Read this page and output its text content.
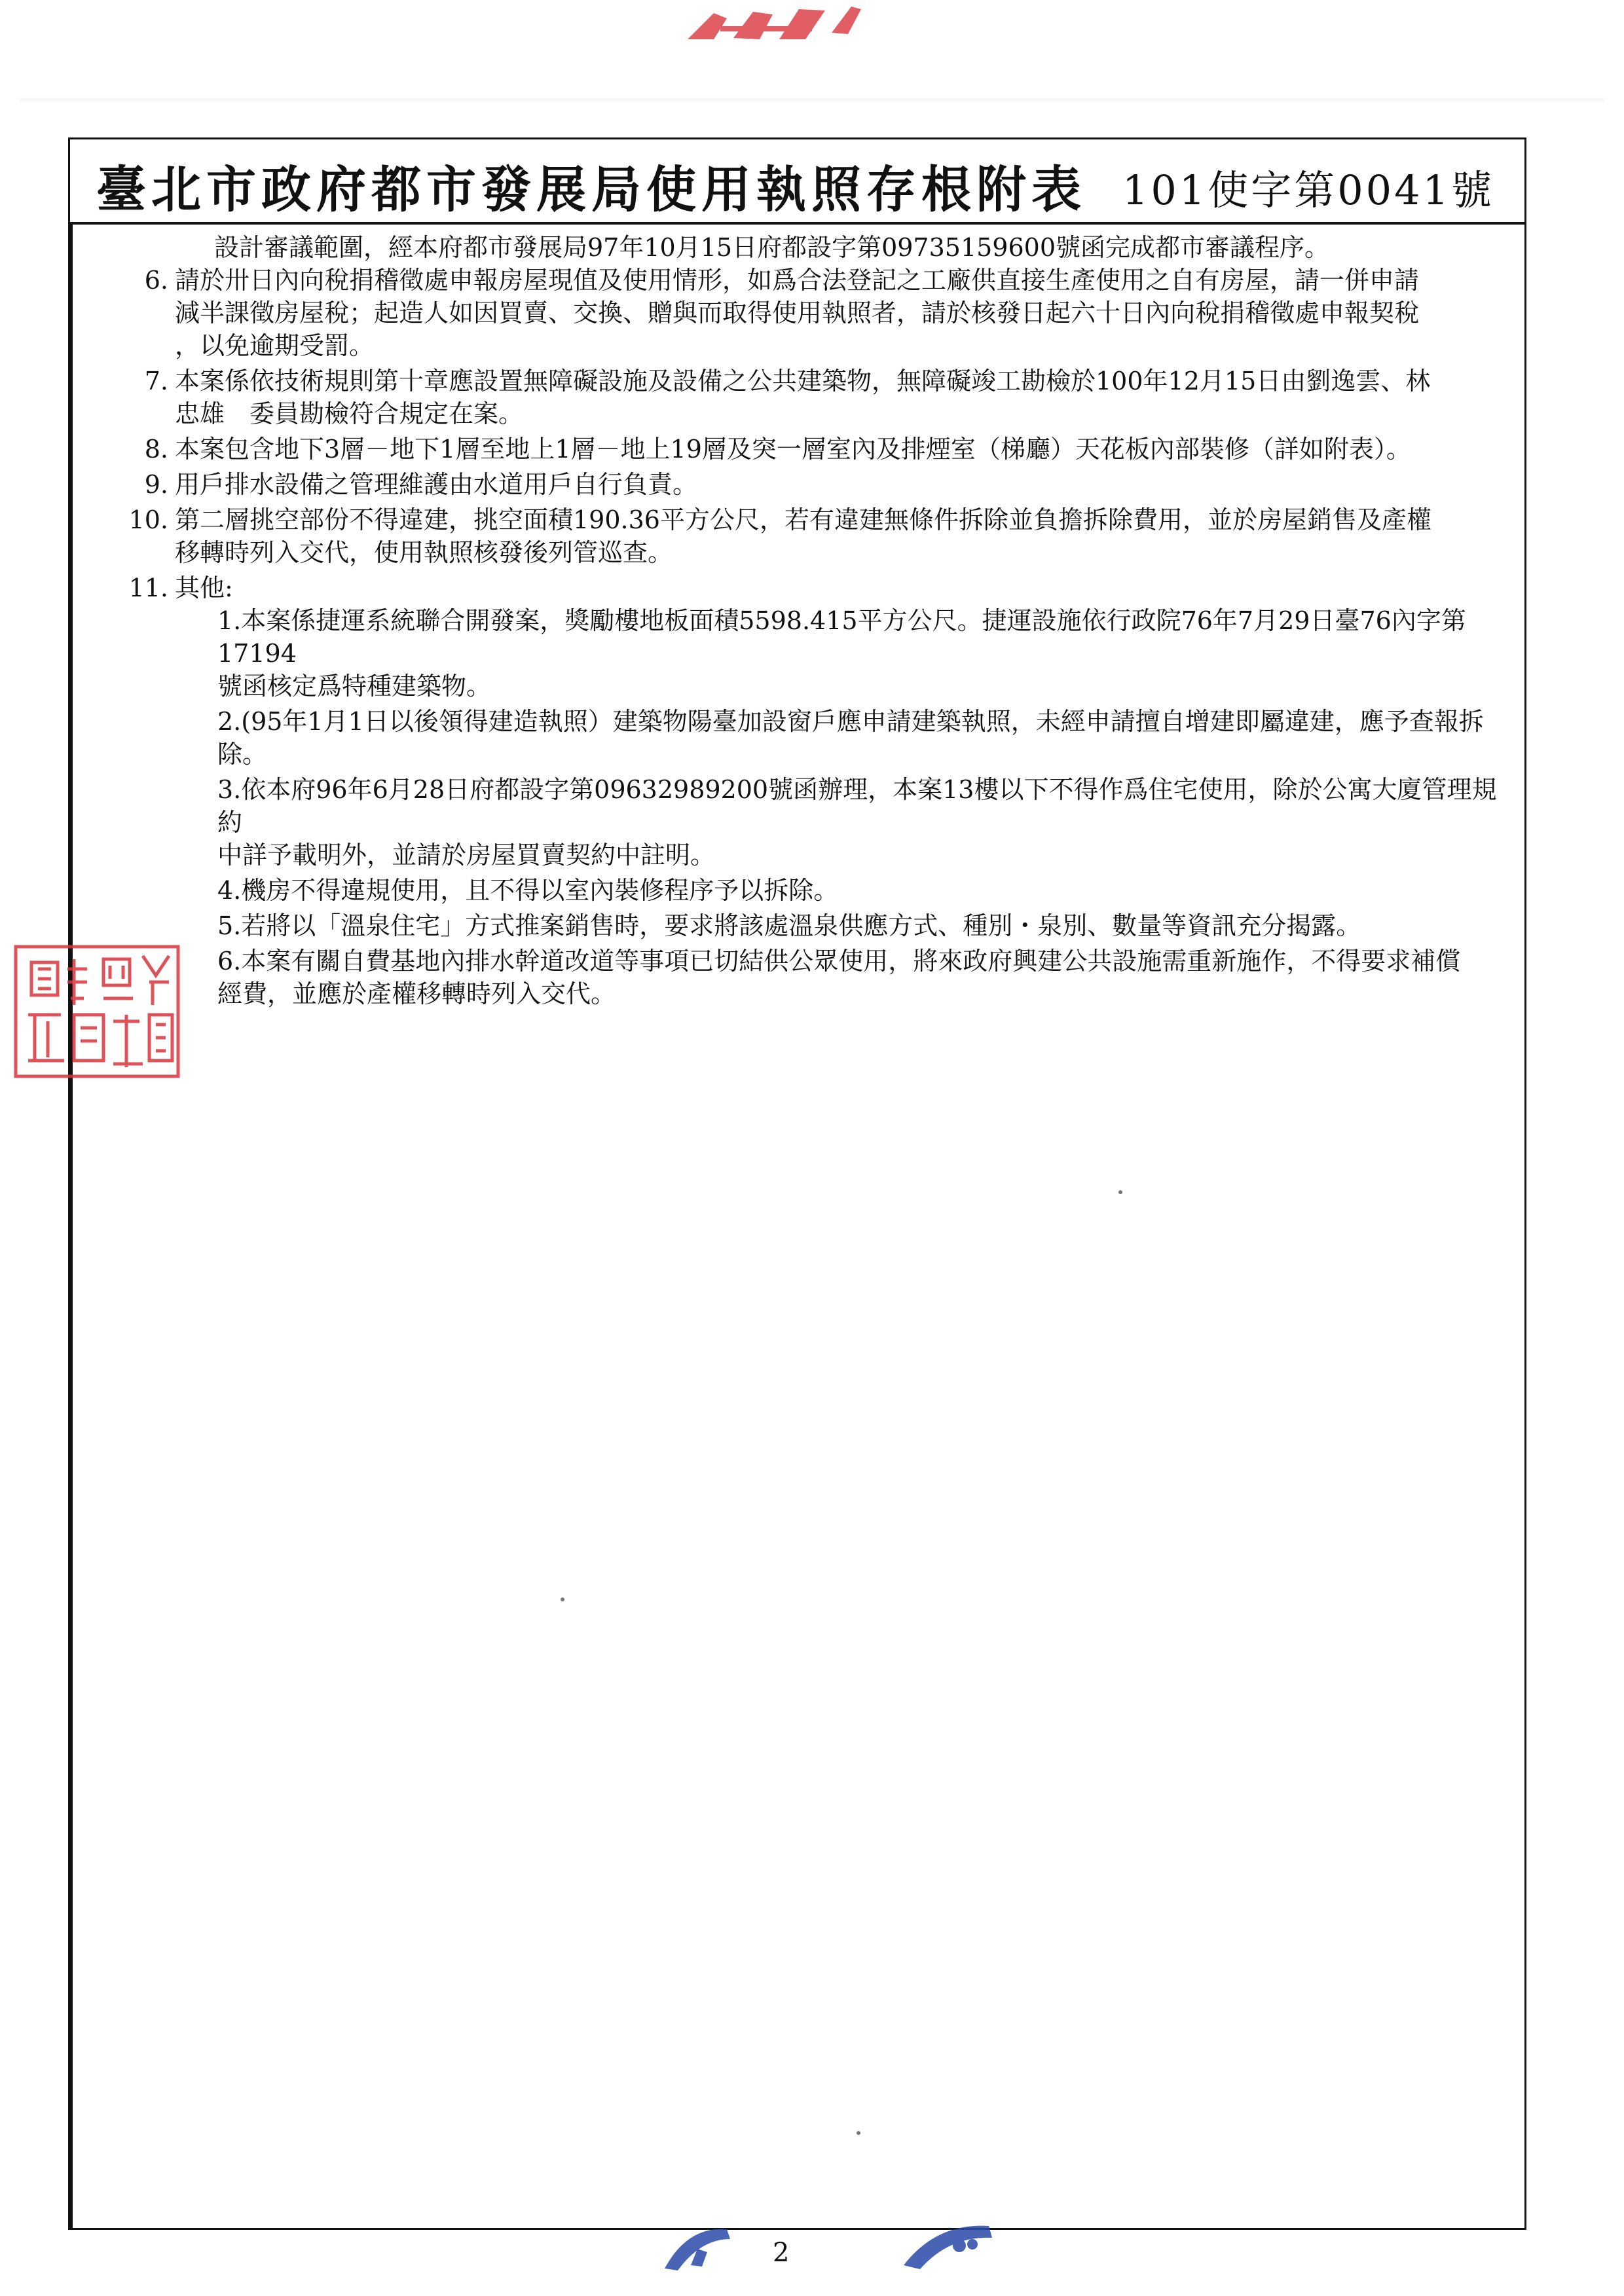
臺北市政府都市發展局使用執照存根附表 101使字第0041號

設計審議範圍，經本府都市發展局97年10月15日府都設字第09735159600號函完成都市審議程序。

6. 請於卅日內向稅捐稽徵處申報房屋現值及使用情形，如爲合法登記之工廠供直接生產使用之自有房屋，請一併申請
減半課徵房屋稅；起造人如因買賣、交換、贈與而取得使用執照者，請於核發日起六十日內向稅捐稽徵處申報契稅
，以免逾期受罰。

7. 本案係依技術規則第十章應設置無障礙設施及設備之公共建築物，無障礙竣工勘檢於100年12月15日由劉逸雲、林
忠雄　委員勘檢符合規定在案。

8. 本案包含地下3層－地下1層至地上1層－地上19層及突一層室內及排煙室（梯廳）天花板內部裝修（詳如附表）。

9. 用戶排水設備之管理維護由水道用戶自行負責。

10. 第二層挑空部份不得違建，挑空面積190.36平方公尺，若有違建無條件拆除並負擔拆除費用，並於房屋銷售及產權
移轉時列入交代，使用執照核發後列管巡查。

11. 其他:

1.本案係捷運系統聯合開發案，獎勵樓地板面積5598.415平方公尺。捷運設施依行政院76年7月29日臺76內字第17194
號函核定爲特種建築物。

2.(95年1月1日以後領得建造執照）建築物陽臺加設窗戶應申請建築執照，未經申請擅自增建即屬違建，應予查報拆
除。

3.依本府96年6月28日府都設字第09632989200號函辦理，本案13樓以下不得作爲住宅使用，除於公寓大廈管理規約
中詳予載明外，並請於房屋買賣契約中註明。

4.機房不得違規使用，且不得以室內裝修程序予以拆除。

5.若將以「溫泉住宅」方式推案銷售時，要求將該處溫泉供應方式、種別・泉別、數量等資訊充分揭露。

6.本案有關自費基地內排水幹道改道等事項已切結供公眾使用，將來政府興建公共設施需重新施作，不得要求補償
經費，並應於產權移轉時列入交代。

2
